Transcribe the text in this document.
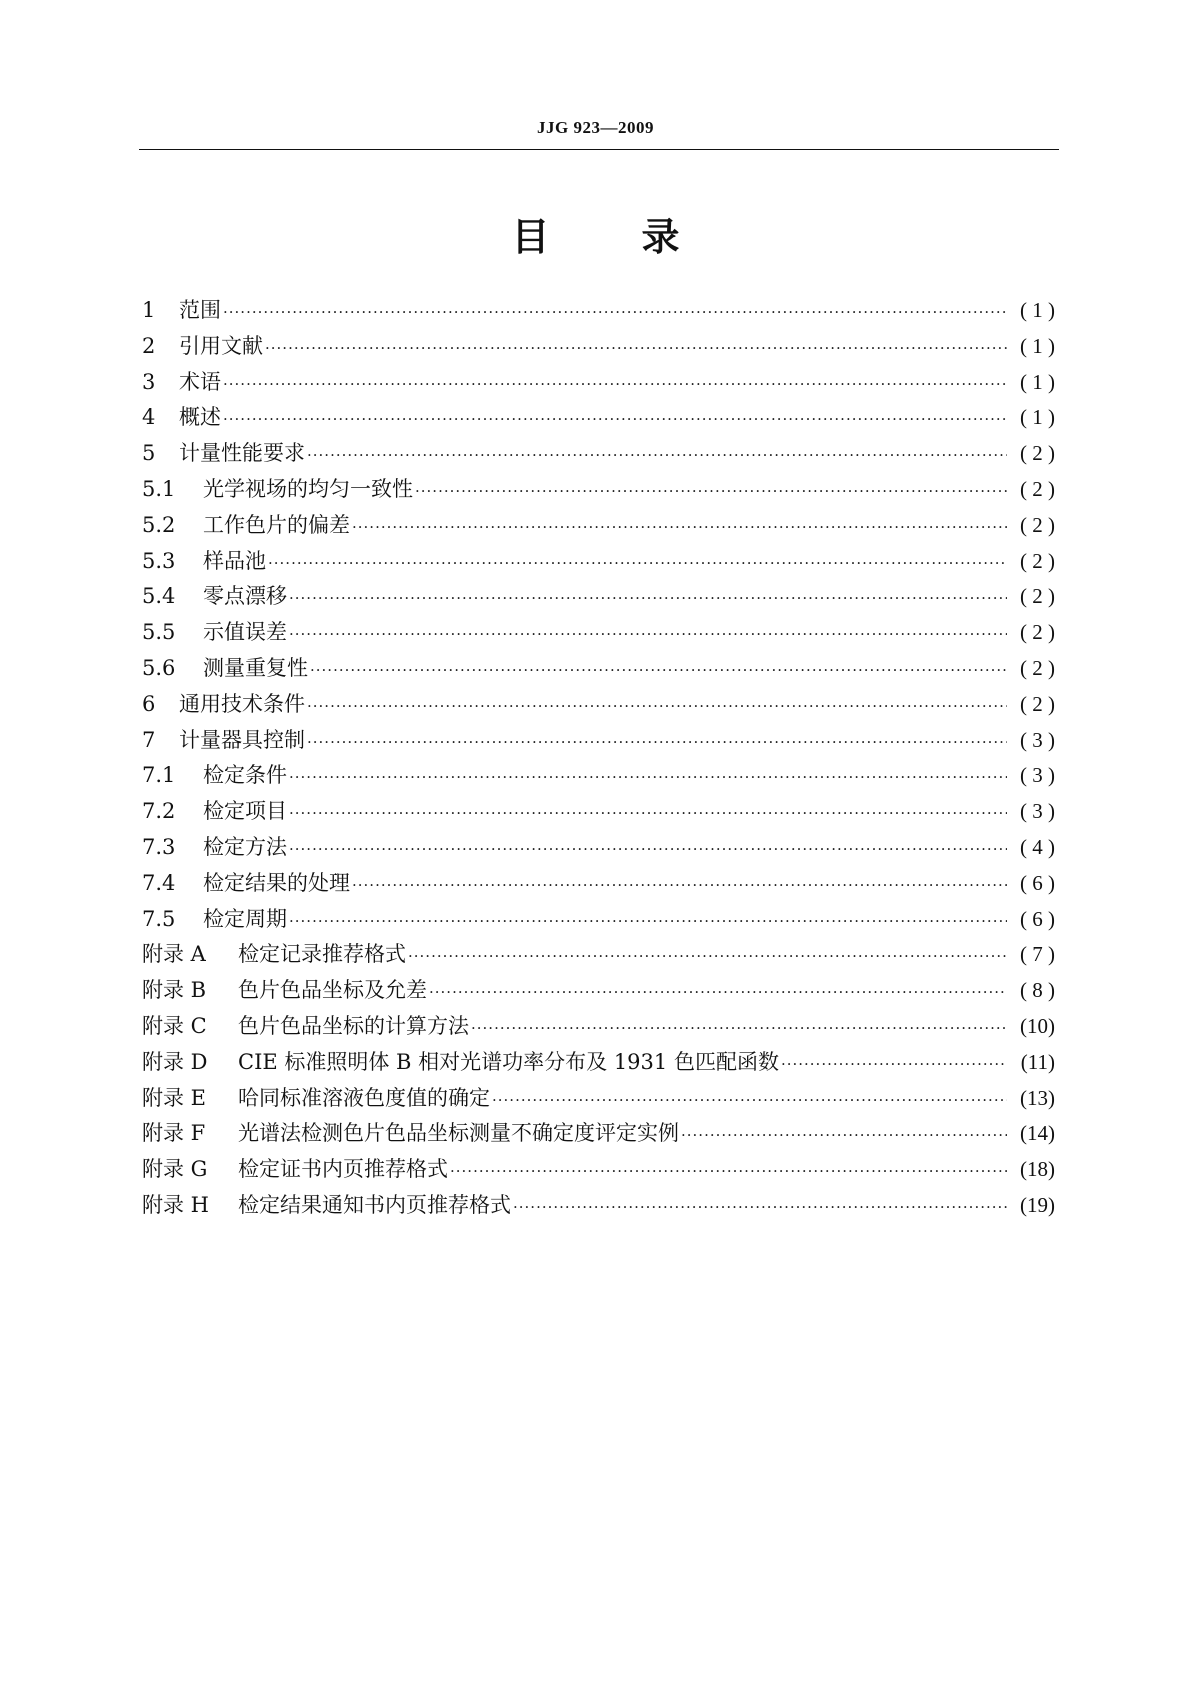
JJG 923—2009
目 录
1	范围 ·····	( 1 )
2	引用文献 ·····	( 1 )
3	术语 ·····	( 1 )
4	概述 ·····	( 1 )
5	计量性能要求 ·····	( 2 )
5.1	光学视场的均匀一致性 ·····	( 2 )
5.2	工作色片的偏差 ·····	( 2 )
5.3	样品池 ·····	( 2 )
5.4	零点漂移 ·····	( 2 )
5.5	示值误差 ·····	( 2 )
5.6	测量重复性 ·····	( 2 )
6	通用技术条件 ·····	( 2 )
7	计量器具控制 ·····	( 3 )
7.1	检定条件 ·····	( 3 )
7.2	检定项目 ·····	( 3 )
7.3	检定方法 ·····	( 4 )
7.4	检定结果的处理 ·····	( 6 )
7.5	检定周期 ·····	( 6 )
附录 A	检定记录推荐格式 ·····	( 7 )
附录 B	色片色品坐标及允差 ·····	( 8 )
附录 C	色片色品坐标的计算方法 ·····	(10)
附录 D	CIE 标准照明体 B 相对光谱功率分布及 1931 色匹配函数 ·····	(11)
附录 E	哈同标准溶液色度值的确定 ·····	(13)
附录 F	光谱法检测色片色品坐标测量不确定度评定实例 ·····	(14)
附录 G	检定证书内页推荐格式 ·····	(18)
附录 H	检定结果通知书内页推荐格式 ·····	(19)
